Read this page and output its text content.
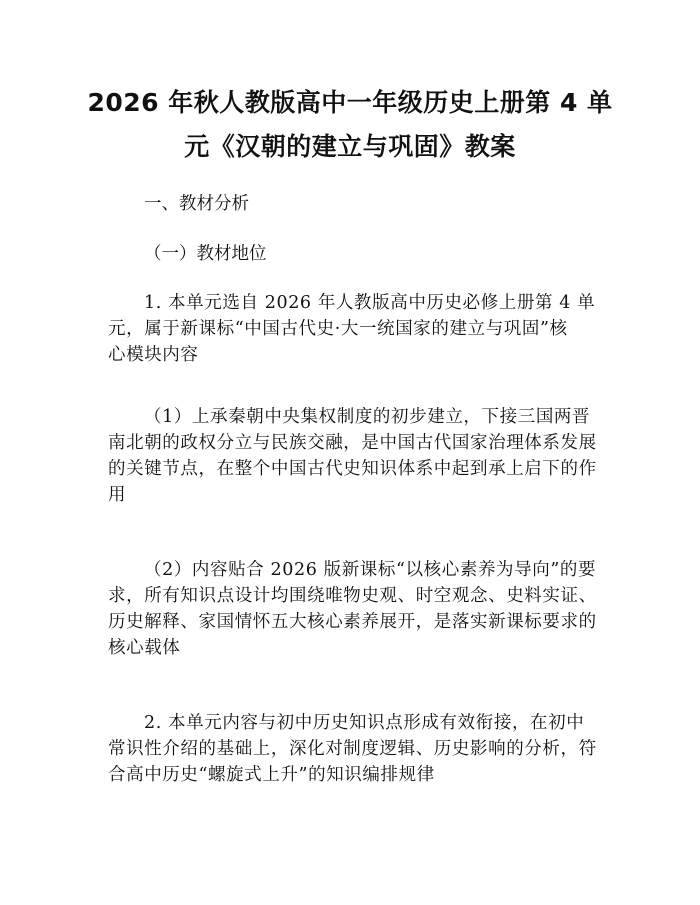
2026 年秋人教版高中一年级历史上册第 4 单
元《汉朝的建立与巩固》教案

一、教材分析

（一）教材地位

1. 本单元选自 2026 年人教版高中历史必修上册第 4 单
元，属于新课标“中国古代史·大一统国家的建立与巩固”核
心模块内容
（1）上承秦朝中央集权制度的初步建立，下接三国两晋
南北朝的政权分立与民族交融，是中国古代国家治理体系发展
的关键节点，在整个中国古代史知识体系中起到承上启下的作
用
（2）内容贴合 2026 版新课标“以核心素养为导向”的要
求，所有知识点设计均围绕唯物史观、时空观念、史料实证、
历史解释、家国情怀五大核心素养展开，是落实新课标要求的
核心载体
2. 本单元内容与初中历史知识点形成有效衔接，在初中
常识性介绍的基础上，深化对制度逻辑、历史影响的分析，符
合高中历史“螺旋式上升”的知识编排规律
